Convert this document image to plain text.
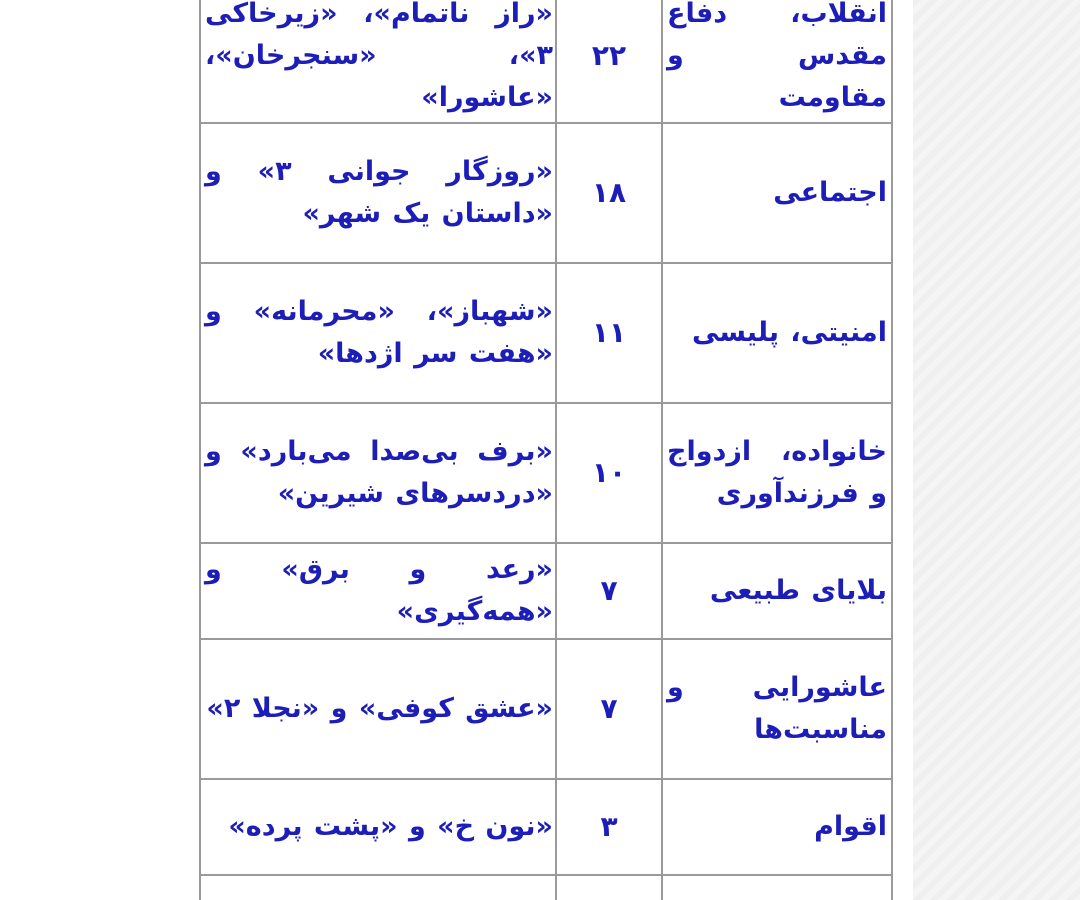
انقلاب، دفاع مقدس و مقاومت	۲۲	«راز ناتمام»، «زیرخاکی ۳»، «سنجرخان»، «عاشورا»
اجتماعی	۱۸	«روزگار جوانی ۳» و «داستان یک شهر»
امنیتی، پلیسی	۱۱	«شهباز»، «محرمانه» و «هفت سر اژدها»
خانواده، ازدواج و فرزندآوری	۱۰	«برف بی‌صدا می‌بارد» و «دردسرهای شیرین»
بلایای طبیعی	۷	«رعد و برق» و «همه‌گیری»
عاشورایی و مناسبت‌ها	۷	«عشق کوفی» و «نجلا ۲»
اقوام	۳	«نون خ» و «پشت پرده»
